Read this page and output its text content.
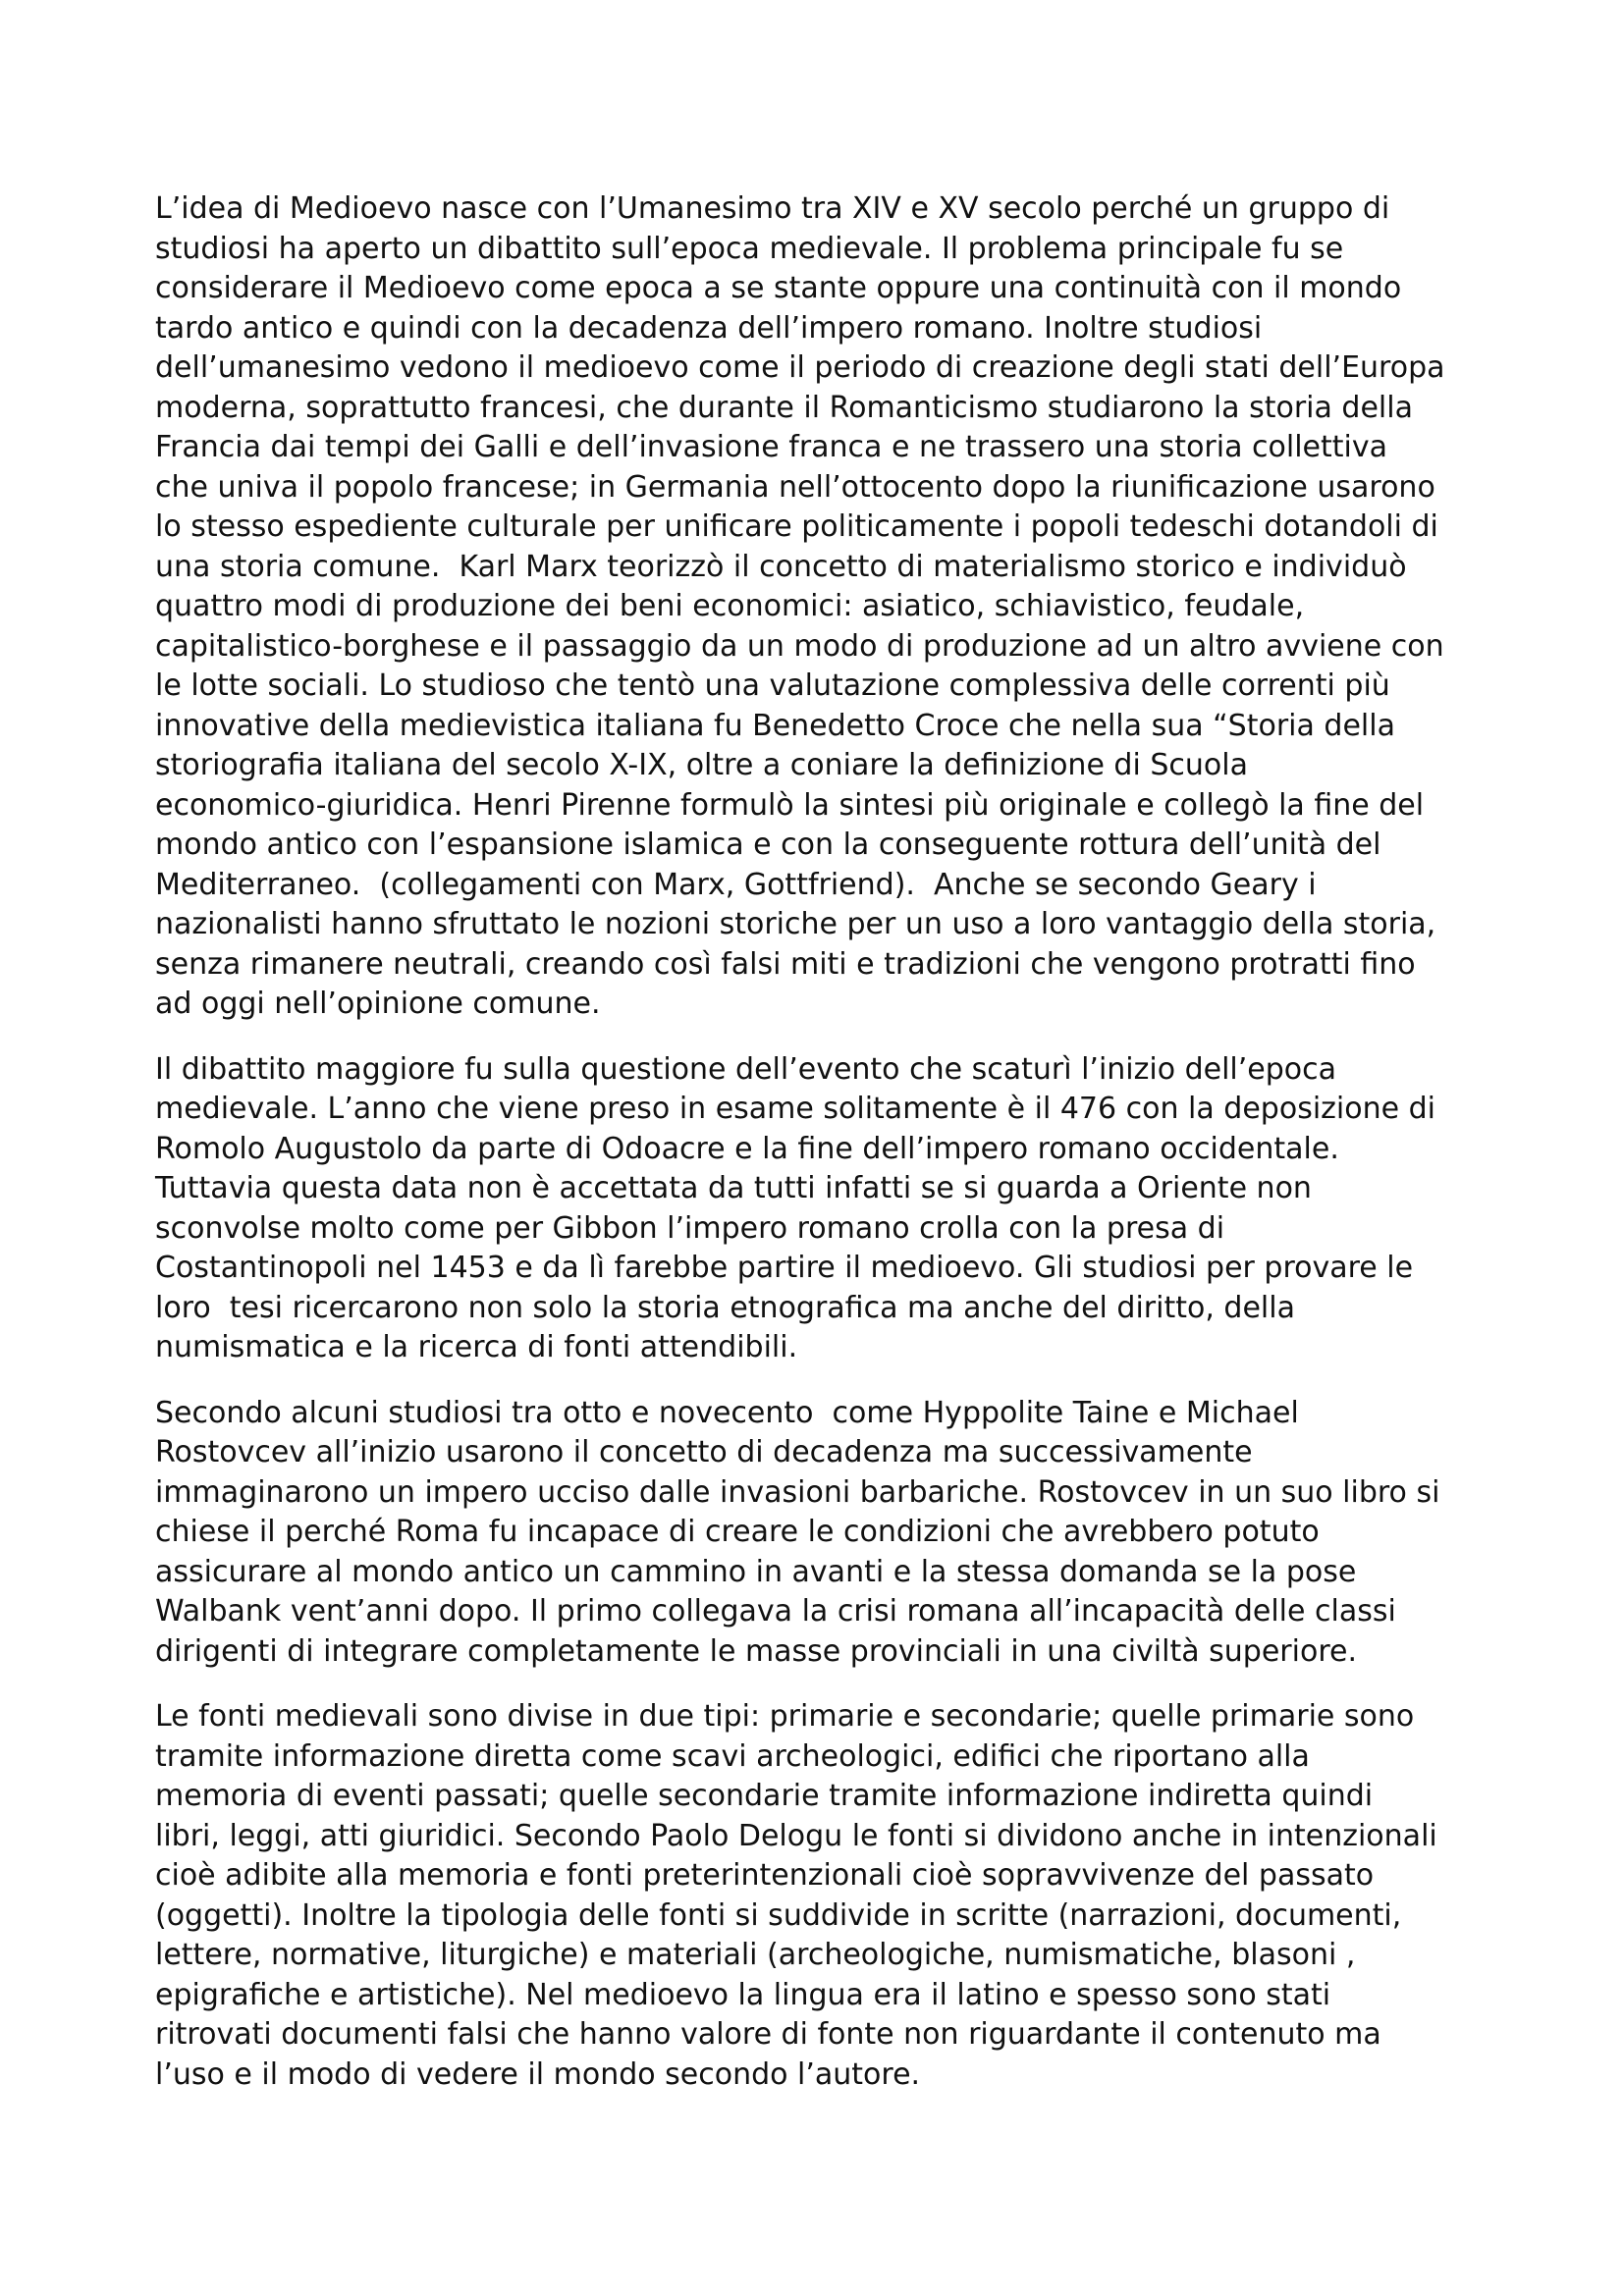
L’idea di Medioevo nasce con l’Umanesimo tra XIV e XV secolo perché un gruppo di
studiosi ha aperto un dibattito sull’epoca medievale. Il problema principale fu se
considerare il Medioevo come epoca a se stante oppure una continuità con il mondo
tardo antico e quindi con la decadenza dell’impero romano. Inoltre studiosi
dell’umanesimo vedono il medioevo come il periodo di creazione degli stati dell’Europa
moderna, soprattutto francesi, che durante il Romanticismo studiarono la storia della
Francia dai tempi dei Galli e dell’invasione franca e ne trassero una storia collettiva
che univa il popolo francese; in Germania nell’ottocento dopo la riunificazione usarono
lo stesso espediente culturale per unificare politicamente i popoli tedeschi dotandoli di
una storia comune.  Karl Marx teorizzò il concetto di materialismo storico e individuò
quattro modi di produzione dei beni economici: asiatico, schiavistico, feudale,
capitalistico-borghese e il passaggio da un modo di produzione ad un altro avviene con
le lotte sociali. Lo studioso che tentò una valutazione complessiva delle correnti più
innovative della medievistica italiana fu Benedetto Croce che nella sua “Storia della
storiografia italiana del secolo X-IX, oltre a coniare la definizione di Scuola
economico-giuridica. Henri Pirenne formulò la sintesi più originale e collegò la fine del
mondo antico con l’espansione islamica e con la conseguente rottura dell’unità del
Mediterraneo.  (collegamenti con Marx, Gottfriend).  Anche se secondo Geary i
nazionalisti hanno sfruttato le nozioni storiche per un uso a loro vantaggio della storia,
senza rimanere neutrali, creando così falsi miti e tradizioni che vengono protratti fino
ad oggi nell’opinione comune.

Il dibattito maggiore fu sulla questione dell’evento che scaturì l’inizio dell’epoca
medievale. L’anno che viene preso in esame solitamente è il 476 con la deposizione di
Romolo Augustolo da parte di Odoacre e la fine dell’impero romano occidentale.
Tuttavia questa data non è accettata da tutti infatti se si guarda a Oriente non
sconvolse molto come per Gibbon l’impero romano crolla con la presa di
Costantinopoli nel 1453 e da lì farebbe partire il medioevo. Gli studiosi per provare le
loro  tesi ricercarono non solo la storia etnografica ma anche del diritto, della
numismatica e la ricerca di fonti attendibili.

Secondo alcuni studiosi tra otto e novecento  come Hyppolite Taine e Michael
Rostovcev all’inizio usarono il concetto di decadenza ma successivamente
immaginarono un impero ucciso dalle invasioni barbariche. Rostovcev in un suo libro si
chiese il perché Roma fu incapace di creare le condizioni che avrebbero potuto
assicurare al mondo antico un cammino in avanti e la stessa domanda se la pose
Walbank vent’anni dopo. Il primo collegava la crisi romana all’incapacità delle classi
dirigenti di integrare completamente le masse provinciali in una civiltà superiore.

Le fonti medievali sono divise in due tipi: primarie e secondarie; quelle primarie sono
tramite informazione diretta come scavi archeologici, edifici che riportano alla
memoria di eventi passati; quelle secondarie tramite informazione indiretta quindi
libri, leggi, atti giuridici. Secondo Paolo Delogu le fonti si dividono anche in intenzionali
cioè adibite alla memoria e fonti preterintenzionali cioè sopravvivenze del passato
(oggetti). Inoltre la tipologia delle fonti si suddivide in scritte (narrazioni, documenti,
lettere, normative, liturgiche) e materiali (archeologiche, numismatiche, blasoni ,
epigrafiche e artistiche). Nel medioevo la lingua era il latino e spesso sono stati
ritrovati documenti falsi che hanno valore di fonte non riguardante il contenuto ma
l’uso e il modo di vedere il mondo secondo l’autore.
